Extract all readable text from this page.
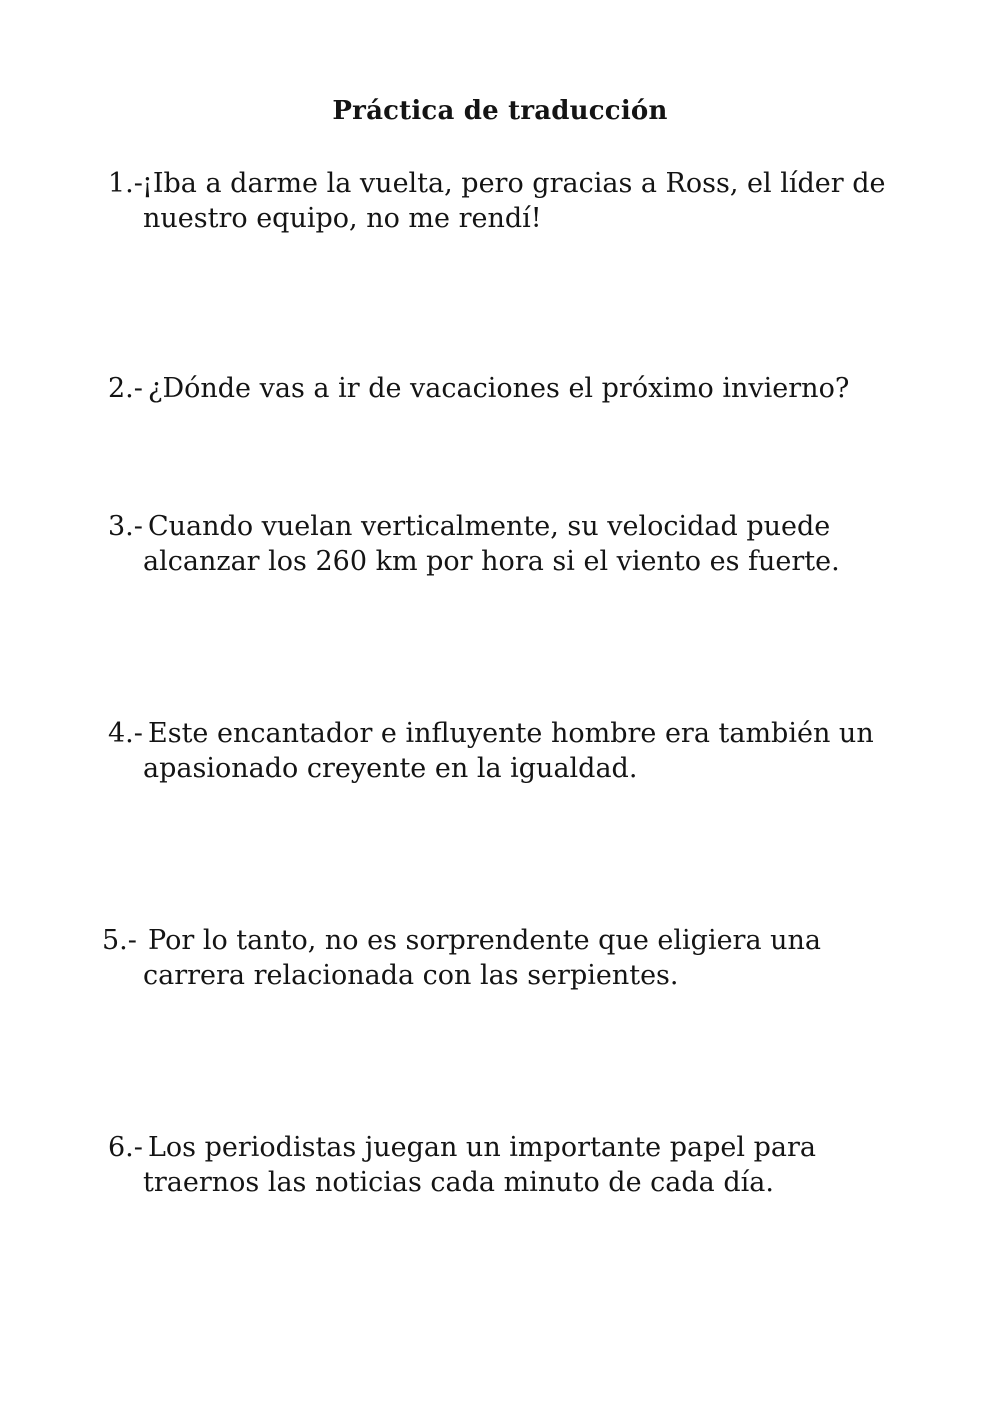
Práctica de traducción
1.- ¡Iba a darme la vuelta, pero gracias a Ross, el líder de
nuestro equipo, no me rendí!
2.- ¿Dónde vas a ir de vacaciones el próximo invierno?
3.- Cuando vuelan verticalmente, su velocidad puede
alcanzar los 260 km por hora si el viento es fuerte.
4.- Este encantador e influyente hombre era también un
apasionado creyente en la igualdad.
5.- Por lo tanto, no es sorprendente que eligiera una
carrera relacionada con las serpientes.
6.- Los periodistas juegan un importante papel para
traernos las noticias cada minuto de cada día.
